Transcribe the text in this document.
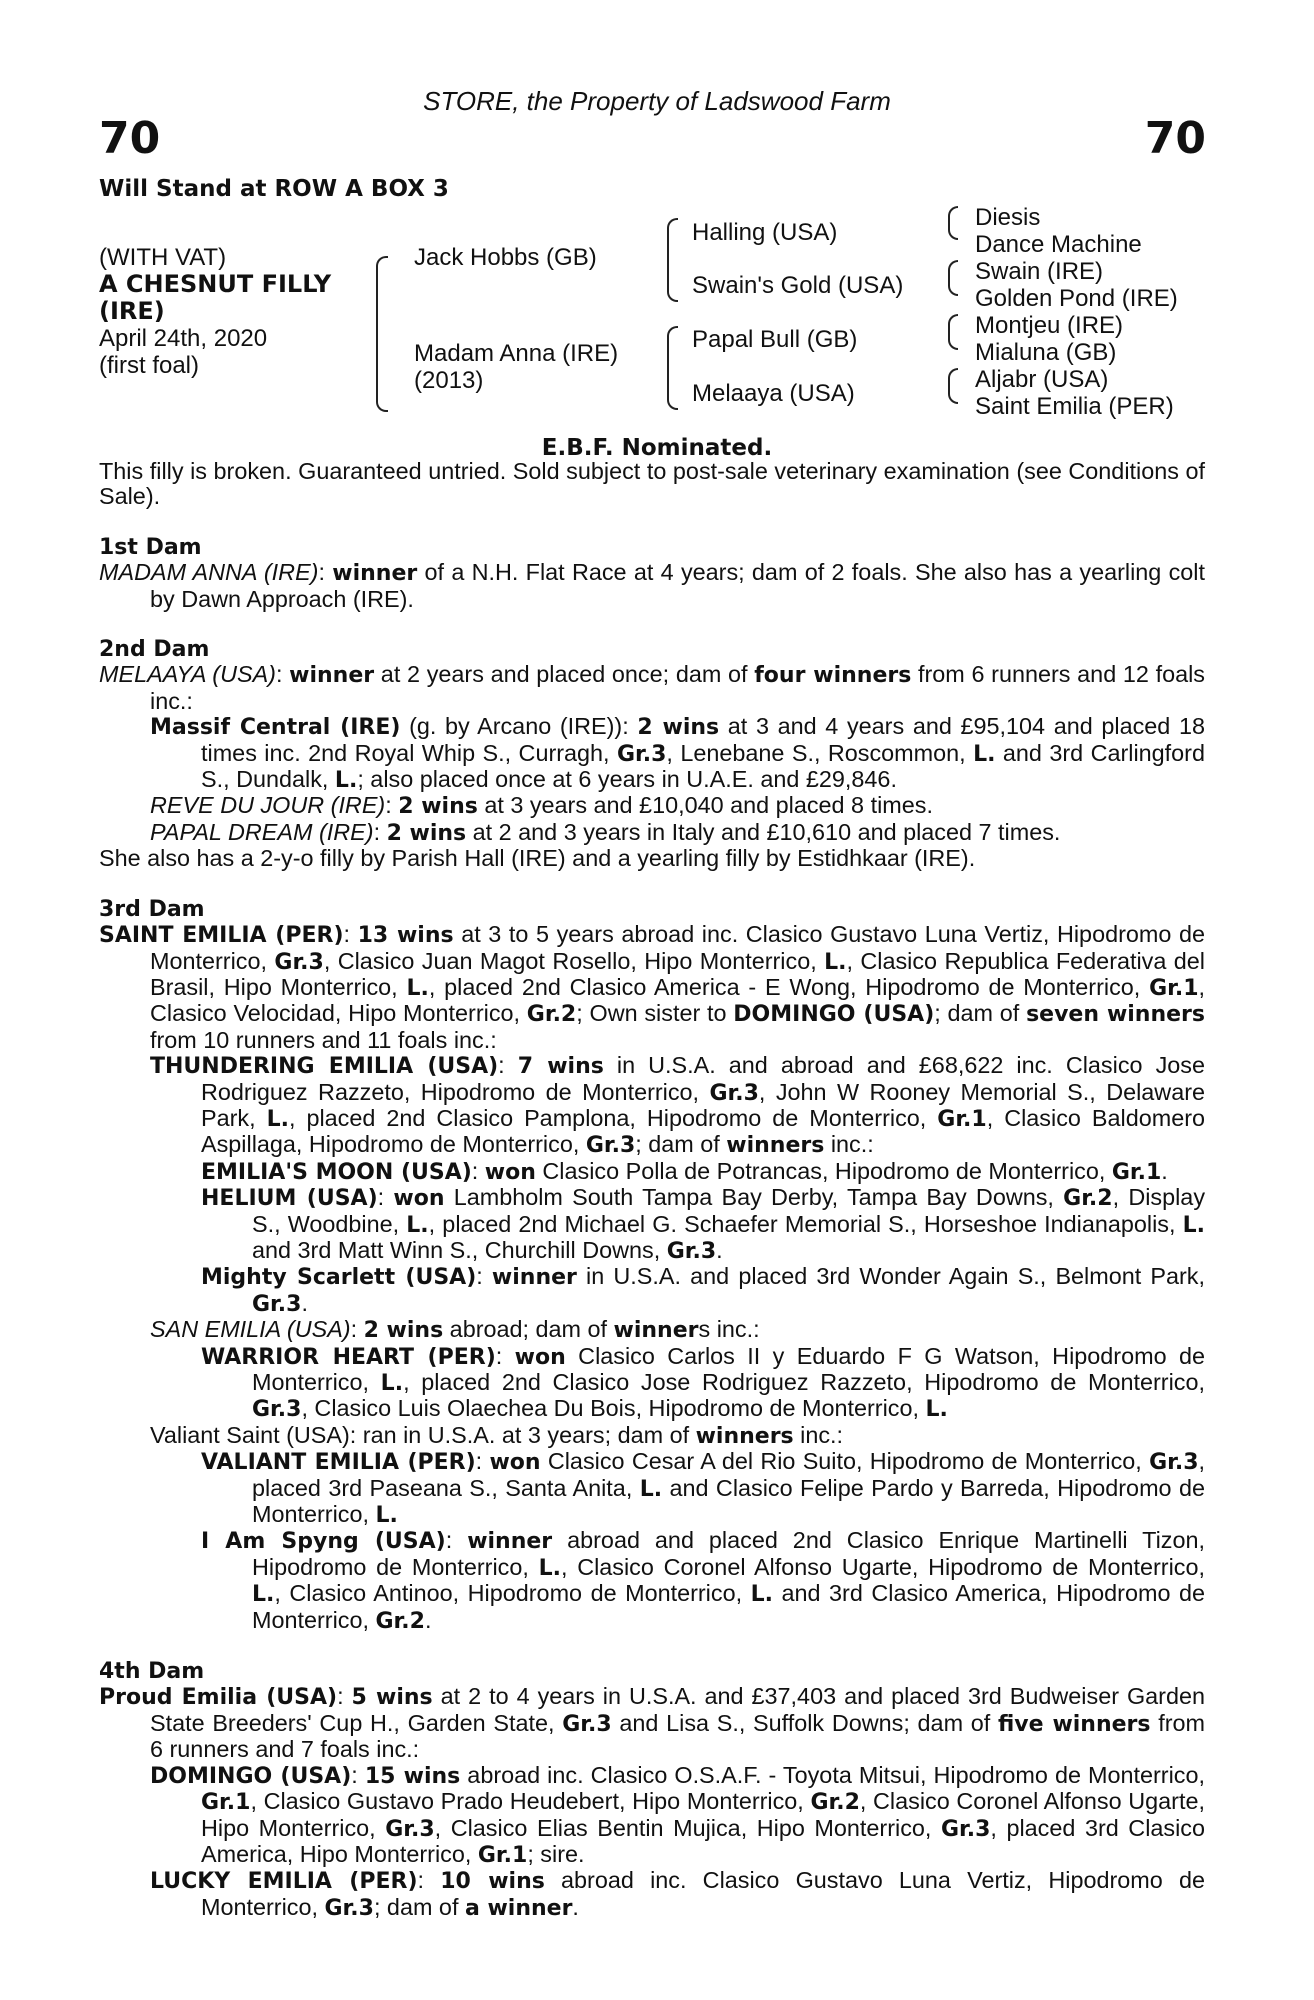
70	70
STORE, the Property of Ladswood Farm
Will Stand at ROW A BOX 3
(WITH VAT)
A CHESNUT FILLY
(IRE)
April 24th, 2020
(first foal)
Jack Hobbs (GB)
Madam Anna (IRE)
(2013)
Halling (USA)
Swain's Gold (USA)
Papal Bull (GB)
Melaaya (USA)
Diesis
Dance Machine
Swain (IRE)
Golden Pond (IRE)
Montjeu (IRE)
Mialuna (GB)
Aljabr (USA)
Saint Emilia (PER)
E.B.F. Nominated.

This filly is broken. Guaranteed untried. Sold subject to post-sale veterinary examination (see Conditions of Sale).

1st Dam

MADAM ANNA (IRE): winner of a N.H. Flat Race at 4 years; dam of 2 foals. She also has a yearling colt by Dawn Approach (IRE).

2nd Dam

MELAAYA (USA): winner at 2 years and placed once; dam of four winners from 6 runners and 12 foals inc.:

Massif Central (IRE) (g. by Arcano (IRE)): 2 wins at 3 and 4 years and £95,104 and placed 18 times inc. 2nd Royal Whip S., Curragh, Gr.3, Lenebane S., Roscommon, L. and 3rd Carlingford S., Dundalk, L.; also placed once at 6 years in U.A.E. and £29,846.

REVE DU JOUR (IRE): 2 wins at 3 years and £10,040 and placed 8 times.

PAPAL DREAM (IRE): 2 wins at 2 and 3 years in Italy and £10,610 and placed 7 times.

She also has a 2-y-o filly by Parish Hall (IRE) and a yearling filly by Estidhkaar (IRE).

3rd Dam

SAINT EMILIA (PER): 13 wins at 3 to 5 years abroad inc. Clasico Gustavo Luna Vertiz, Hipodromo de Monterrico, Gr.3, Clasico Juan Magot Rosello, Hipo Monterrico, L., Clasico Republica Federativa del Brasil, Hipo Monterrico, L., placed 2nd Clasico America - E Wong, Hipodromo de Monterrico, Gr.1, Clasico Velocidad, Hipo Monterrico, Gr.2; Own sister to DOMINGO (USA); dam of seven winners from 10 runners and 11 foals inc.:

THUNDERING EMILIA (USA): 7 wins in U.S.A. and abroad and £68,622 inc. Clasico Jose Rodriguez Razzeto, Hipodromo de Monterrico, Gr.3, John W Rooney Memorial S., Delaware Park, L., placed 2nd Clasico Pamplona, Hipodromo de Monterrico, Gr.1, Clasico Baldomero Aspillaga, Hipodromo de Monterrico, Gr.3; dam of winners inc.:

EMILIA'S MOON (USA): won Clasico Polla de Potrancas, Hipodromo de Monterrico, Gr.1.

HELIUM (USA): won Lambholm South Tampa Bay Derby, Tampa Bay Downs, Gr.2, Display S., Woodbine, L., placed 2nd Michael G. Schaefer Memorial S., Horseshoe Indianapolis, L. and 3rd Matt Winn S., Churchill Downs, Gr.3.

Mighty Scarlett (USA): winner in U.S.A. and placed 3rd Wonder Again S., Belmont Park, Gr.3.

SAN EMILIA (USA): 2 wins abroad; dam of winners inc.:

WARRIOR HEART (PER): won Clasico Carlos II y Eduardo F G Watson, Hipodromo de Monterrico, L., placed 2nd Clasico Jose Rodriguez Razzeto, Hipodromo de Monterrico, Gr.3, Clasico Luis Olaechea Du Bois, Hipodromo de Monterrico, L.

Valiant Saint (USA): ran in U.S.A. at 3 years; dam of winners inc.:

VALIANT EMILIA (PER): won Clasico Cesar A del Rio Suito, Hipodromo de Monterrico, Gr.3, placed 3rd Paseana S., Santa Anita, L. and Clasico Felipe Pardo y Barreda, Hipodromo de Monterrico, L.

I Am Spyng (USA): winner abroad and placed 2nd Clasico Enrique Martinelli Tizon, Hipodromo de Monterrico, L., Clasico Coronel Alfonso Ugarte, Hipodromo de Monterrico, L., Clasico Antinoo, Hipodromo de Monterrico, L. and 3rd Clasico America, Hipodromo de Monterrico, Gr.2.

4th Dam

Proud Emilia (USA): 5 wins at 2 to 4 years in U.S.A. and £37,403 and placed 3rd Budweiser Garden State Breeders' Cup H., Garden State, Gr.3 and Lisa S., Suffolk Downs; dam of five winners from 6 runners and 7 foals inc.:

DOMINGO (USA): 15 wins abroad inc. Clasico O.S.A.F. - Toyota Mitsui, Hipodromo de Monterrico, Gr.1, Clasico Gustavo Prado Heudebert, Hipo Monterrico, Gr.2, Clasico Coronel Alfonso Ugarte, Hipo Monterrico, Gr.3, Clasico Elias Bentin Mujica, Hipo Monterrico, Gr.3, placed 3rd Clasico America, Hipo Monterrico, Gr.1; sire.

LUCKY EMILIA (PER): 10 wins abroad inc. Clasico Gustavo Luna Vertiz, Hipodromo de Monterrico, Gr.3; dam of a winner.
